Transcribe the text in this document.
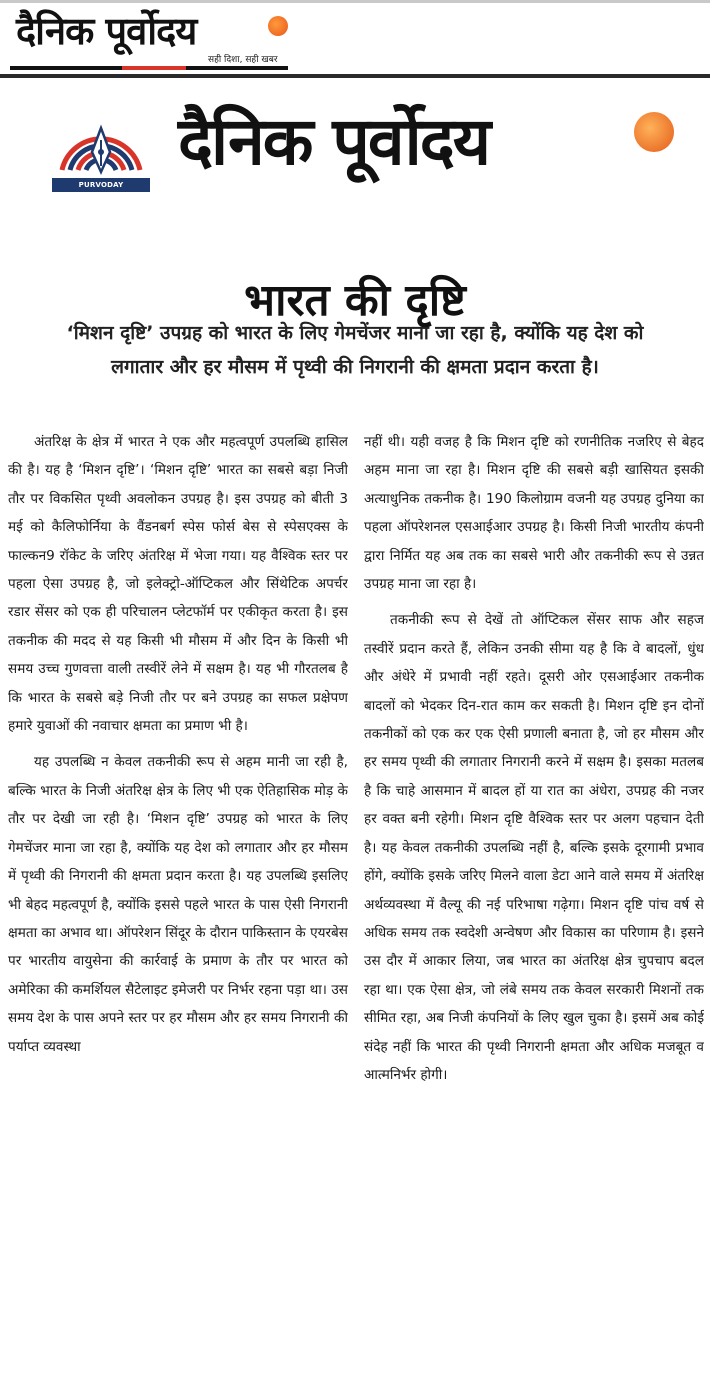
दैनिक पूर्वोदय
सही दिशा, सही खबर
PURVODAY PUBLICATIONS
दैनिक पूर्वोदय
भारत की दृष्टि
‘मिशन दृष्टि’ उपग्रह को भारत के लिए गेमचेंजर माना जा रहा है, क्योंकि यह देश को लगातार और हर मौसम में पृथ्वी की निगरानी की क्षमता प्रदान करता है।

अंतरिक्ष के क्षेत्र में भारत ने एक और महत्वपूर्ण उपलब्धि हासिल की है। यह है ‘मिशन दृष्टि’। ‘मिशन दृष्टि’ भारत का सबसे बड़ा निजी तौर पर विकसित पृथ्वी अवलोकन उपग्रह है। इस उपग्रह को बीती 3 मई को कैलिफोर्निया के वैंडनबर्ग स्पेस फोर्स बेस से स्पेसएक्स के फाल्कन9 रॉकेट के जरिए अंतरिक्ष में भेजा गया। यह वैश्विक स्तर पर पहला ऐसा उपग्रह है, जो इलेक्ट्रो-ऑप्टिकल और सिंथेटिक अपर्चर रडार सेंसर को एक ही परिचालन प्लेटफॉर्म पर एकीकृत करता है। इस तकनीक की मदद से यह किसी भी मौसम में और दिन के किसी भी समय उच्च गुणवत्ता वाली तस्वीरें लेने में सक्षम है। यह भी गौरतलब है कि भारत के सबसे बड़े निजी तौर पर बने उपग्रह का सफल प्रक्षेपण हमारे युवाओं की नवाचार क्षमता का प्रमाण भी है।

यह उपलब्धि न केवल तकनीकी रूप से अहम मानी जा रही है, बल्कि भारत के निजी अंतरिक्ष क्षेत्र के लिए भी एक ऐतिहासिक मोड़ के तौर पर देखी जा रही है। ‘मिशन दृष्टि’ उपग्रह को भारत के लिए गेमचेंजर माना जा रहा है, क्योंकि यह देश को लगातार और हर मौसम में पृथ्वी की निगरानी की क्षमता प्रदान करता है। यह उपलब्धि इसलिए भी बेहद महत्वपूर्ण है, क्योंकि इससे पहले भारत के पास ऐसी निगरानी क्षमता का अभाव था। ऑपरेशन सिंदूर के दौरान पाकिस्तान के एयरबेस पर भारतीय वायुसेना की कार्रवाई के प्रमाण के तौर पर भारत को अमेरिका की कमर्शियल सैटेलाइट इमेजरी पर निर्भर रहना पड़ा था। उस समय देश के पास अपने स्तर पर हर मौसम और हर समय निगरानी की पर्याप्त व्यवस्था

नहीं थी। यही वजह है कि मिशन दृष्टि को रणनीतिक नजरिए से बेहद अहम माना जा रहा है। मिशन दृष्टि की सबसे बड़ी खासियत इसकी अत्याधुनिक तकनीक है। 190 किलोग्राम वजनी यह उपग्रह दुनिया का पहला ऑपरेशनल एसआईआर उपग्रह है। किसी निजी भारतीय कंपनी द्वारा निर्मित यह अब तक का सबसे भारी और तकनीकी रूप से उन्नत उपग्रह माना जा रहा है।

तकनीकी रूप से देखें तो ऑप्टिकल सेंसर साफ और सहज तस्वीरें प्रदान करते हैं, लेकिन उनकी सीमा यह है कि वे बादलों, धुंध और अंधेरे में प्रभावी नहीं रहते। दूसरी ओर एसआईआर तकनीक बादलों को भेदकर दिन-रात काम कर सकती है। मिशन दृष्टि इन दोनों तकनीकों को एक कर एक ऐसी प्रणाली बनाता है, जो हर मौसम और हर समय पृथ्वी की लगातार निगरानी करने में सक्षम है। इसका मतलब है कि चाहे आसमान में बादल हों या रात का अंधेरा, उपग्रह की नजर हर वक्त बनी रहेगी। मिशन दृष्टि वैश्विक स्तर पर अलग पहचान देती है। यह केवल तकनीकी उपलब्धि नहीं है, बल्कि इसके दूरगामी प्रभाव होंगे, क्योंकि इसके जरिए मिलने वाला डेटा आने वाले समय में अंतरिक्ष अर्थव्यवस्था में वैल्यू की नई परिभाषा गढ़ेगा। मिशन दृष्टि पांच वर्ष से अधिक समय तक स्वदेशी अन्वेषण और विकास का परिणाम है। इसने उस दौर में आकार लिया, जब भारत का अंतरिक्ष क्षेत्र चुपचाप बदल रहा था। एक ऐसा क्षेत्र, जो लंबे समय तक केवल सरकारी मिशनों तक सीमित रहा, अब निजी कंपनियों के लिए खुल चुका है। इसमें अब कोई संदेह नहीं कि भारत की पृथ्वी निगरानी क्षमता और अधिक मजबूत व आत्मनिर्भर होगी।
